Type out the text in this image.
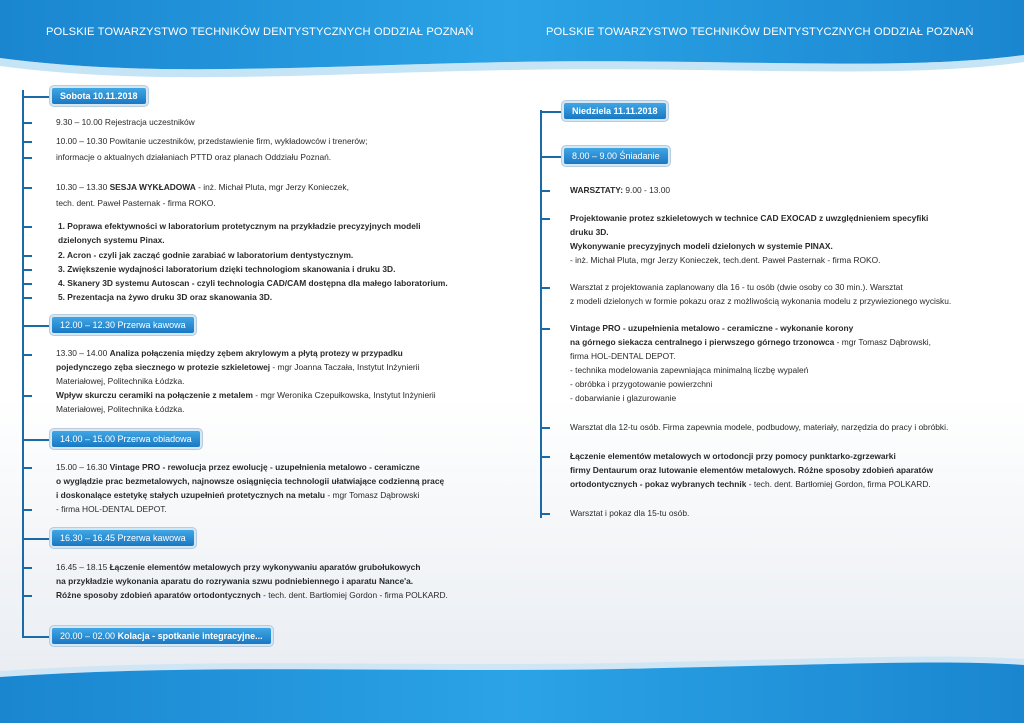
POLSKIE TOWARZYSTWO TECHNIKÓW DENTYSTYCZNYCH ODDZIAŁ POZNAŃ	POLSKIE TOWARZYSTWO TECHNIKÓW DENTYSTYCZNYCH ODDZIAŁ POZNAŃ
Sobota 10.11.2018
9.30 – 10.00 Rejestracja uczestników
10.00 – 10.30 Powitanie uczestników, przedstawienie firm, wykładowców i trenerów;
informacje o aktualnych działaniach PTTD oraz planach Oddziału Poznań.
10.30 – 13.30 SESJA WYKŁADOWA - inż. Michał Pluta, mgr Jerzy Konieczek,
tech. dent. Paweł Pasternak - firma ROKO.
1. Poprawa efektywności w laboratorium protetycznym na przykładzie precyzyjnych modeli
dzielonych systemu Pinax.
2. Acron - czyli jak zacząć godnie zarabiać w laboratorium dentystycznym.
3. Zwiększenie wydajności laboratorium dzięki technologiom skanowania i druku 3D.
4. Skanery 3D systemu Autoscan - czyli technologia CAD/CAM dostępna dla małego laboratorium.
5. Prezentacja na żywo druku 3D oraz skanowania 3D.
12.00 – 12.30 Przerwa kawowa
13.30 – 14.00 Analiza połączenia między zębem akrylowym a płytą protezy w przypadku
pojedynczego zęba siecznego w protezie szkieletowej - mgr Joanna Taczała, Instytut Inżynierii
Materiałowej, Politechnika Łódzka.
Wpływ skurczu ceramiki na połączenie z metalem - mgr Weronika Czepułkowska, Instytut Inżynierii
Materiałowej, Politechnika Łódzka.
14.00 – 15.00 Przerwa obiadowa
15.00 – 16.30 Vintage PRO - rewolucja przez ewolucję - uzupełnienia metalowo - ceramiczne
o wyglądzie prac bezmetalowych, najnowsze osiągnięcia technologii ułatwiające codzienną pracę
i doskonalące estetykę stałych uzupełnień protetycznych na metalu - mgr Tomasz Dąbrowski
- firma HOL-DENTAL DEPOT.
16.30 – 16.45 Przerwa kawowa
16.45 – 18.15 Łączenie elementów metalowych przy wykonywaniu aparatów grubołukowych
na przykładzie wykonania aparatu do rozrywania szwu podniebiennego i aparatu Nance'a.
Różne sposoby zdobień aparatów ortodontycznych - tech. dent. Bartłomiej Gordon - firma POLKARD.
20.00 – 02.00 Kolacja - spotkanie integracyjne...
Niedziela 11.11.2018
8.00 – 9.00 Śniadanie
WARSZTATY: 9.00 - 13.00
Projektowanie protez szkieletowych w technice CAD EXOCAD z uwzględnieniem specyfiki
druku 3D.
Wykonywanie precyzyjnych modeli dzielonych w systemie PINAX.
- inż. Michał Pluta, mgr Jerzy Konieczek, tech.dent. Paweł Pasternak - firma ROKO.
Warsztat z projektowania zaplanowany dla 16 - tu osób (dwie osoby co 30 min.). Warsztat
z modeli dzielonych w formie pokazu oraz z możliwością wykonania modelu z przywiezionego wycisku.
Vintage PRO - uzupełnienia metalowo - ceramiczne - wykonanie korony
na górnego siekacza centralnego i pierwszego górnego trzonowca - mgr Tomasz Dąbrowski,
firma HOL-DENTAL DEPOT.
- technika modelowania zapewniająca minimalną liczbę wypaleń
- obróbka i przygotowanie powierzchni
- dobarwianie i glazurowanie
Warsztat dla 12-tu osób. Firma zapewnia modele, podbudowy, materiały, narzędzia do pracy i obróbki.
Łączenie elementów metalowych w ortodoncji przy pomocy punktarko-zgrzewarki
firmy Dentaurum oraz lutowanie elementów metalowych. Różne sposoby zdobień aparatów
ortodontycznych - pokaz wybranych technik - tech. dent. Bartłomiej Gordon, firma POLKARD.
Warsztat i pokaz dla 15-tu osób.
